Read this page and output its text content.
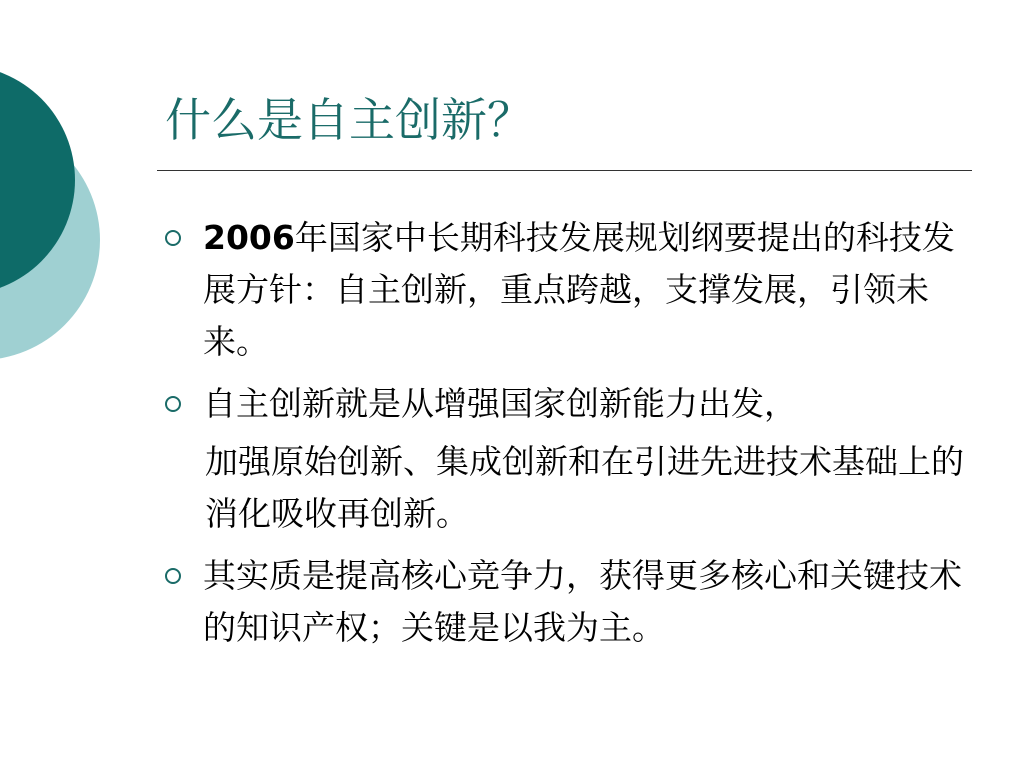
什么是自主创新？
2006年国家中长期科技发展规划纲要提出的科技发展方针：自主创新，重点跨越，支撑发展，引领未来。
自主创新就是从增强国家创新能力出发，
加强原始创新、集成创新和在引进先进技术基础上的消化吸收再创新。
其实质是提高核心竞争力，获得更多核心和关键技术的知识产权；关键是以我为主。
